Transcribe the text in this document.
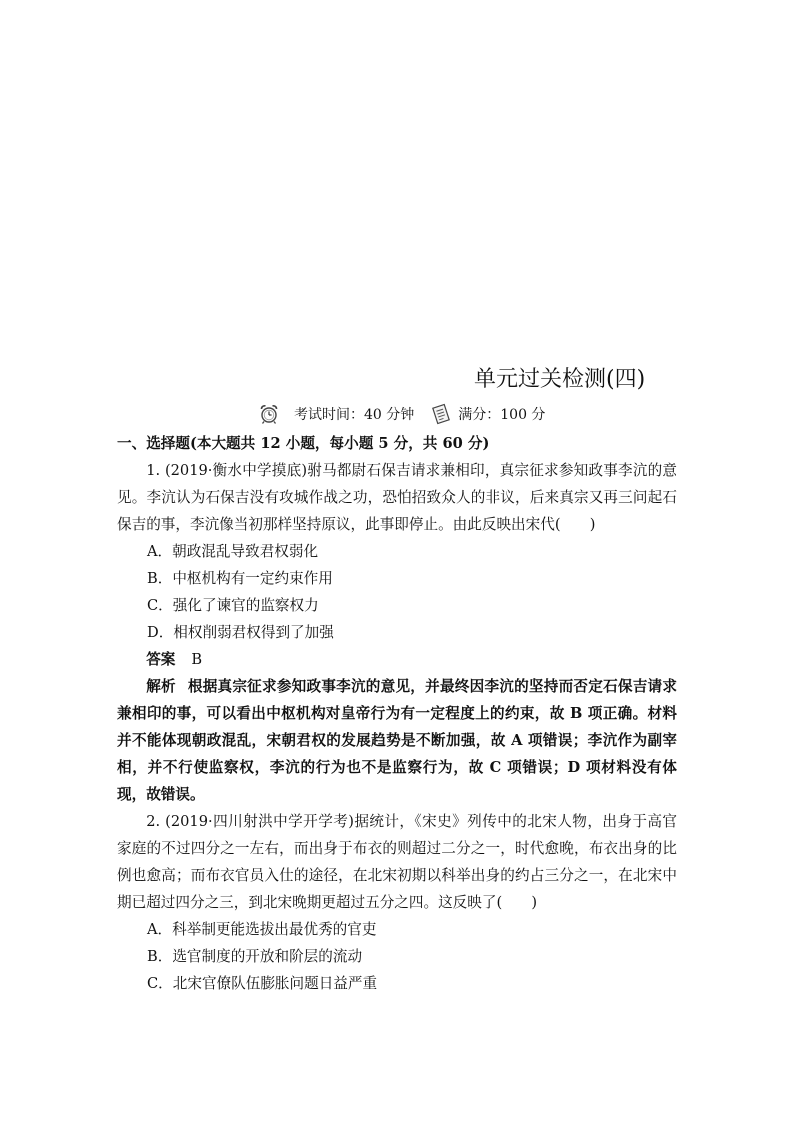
单元过关检测(四)
考试时间：40 分钟	满分：100 分

一、选择题(本大题共 12 小题，每小题 5 分，共 60 分)

1. (2019·衡水中学摸底)驸马都尉石保吉请求兼相印，真宗征求参知政事李沆的意见。李沆认为石保吉没有攻城作战之功，恐怕招致众人的非议，后来真宗又再三问起石保吉的事，李沆像当初那样坚持原议，此事即停止。由此反映出宋代(　　)

A．朝政混乱导致君权弱化

B．中枢机构有一定约束作用

C．强化了谏官的监察权力

D．相权削弱君权得到了加强

答案 B

解析 根据真宗征求参知政事李沆的意见，并最终因李沆的坚持而否定石保吉请求兼相印的事，可以看出中枢机构对皇帝行为有一定程度上的约束，故 B 项正确。材料并不能体现朝政混乱，宋朝君权的发展趋势是不断加强，故 A 项错误；李沆作为副宰相，并不行使监察权，李沆的行为也不是监察行为，故 C 项错误；D 项材料没有体现，故错误。

2. (2019·四川射洪中学开学考)据统计，《宋史》列传中的北宋人物，出身于高官家庭的不过四分之一左右，而出身于布衣的则超过二分之一，时代愈晚，布衣出身的比例也愈高；而布衣官员入仕的途径，在北宋初期以科举出身的约占三分之一，在北宋中期已超过四分之三，到北宋晚期更超过五分之四。这反映了(　　)

A．科举制更能选拔出最优秀的官吏

B．选官制度的开放和阶层的流动

C．北宋官僚队伍膨胀问题日益严重
